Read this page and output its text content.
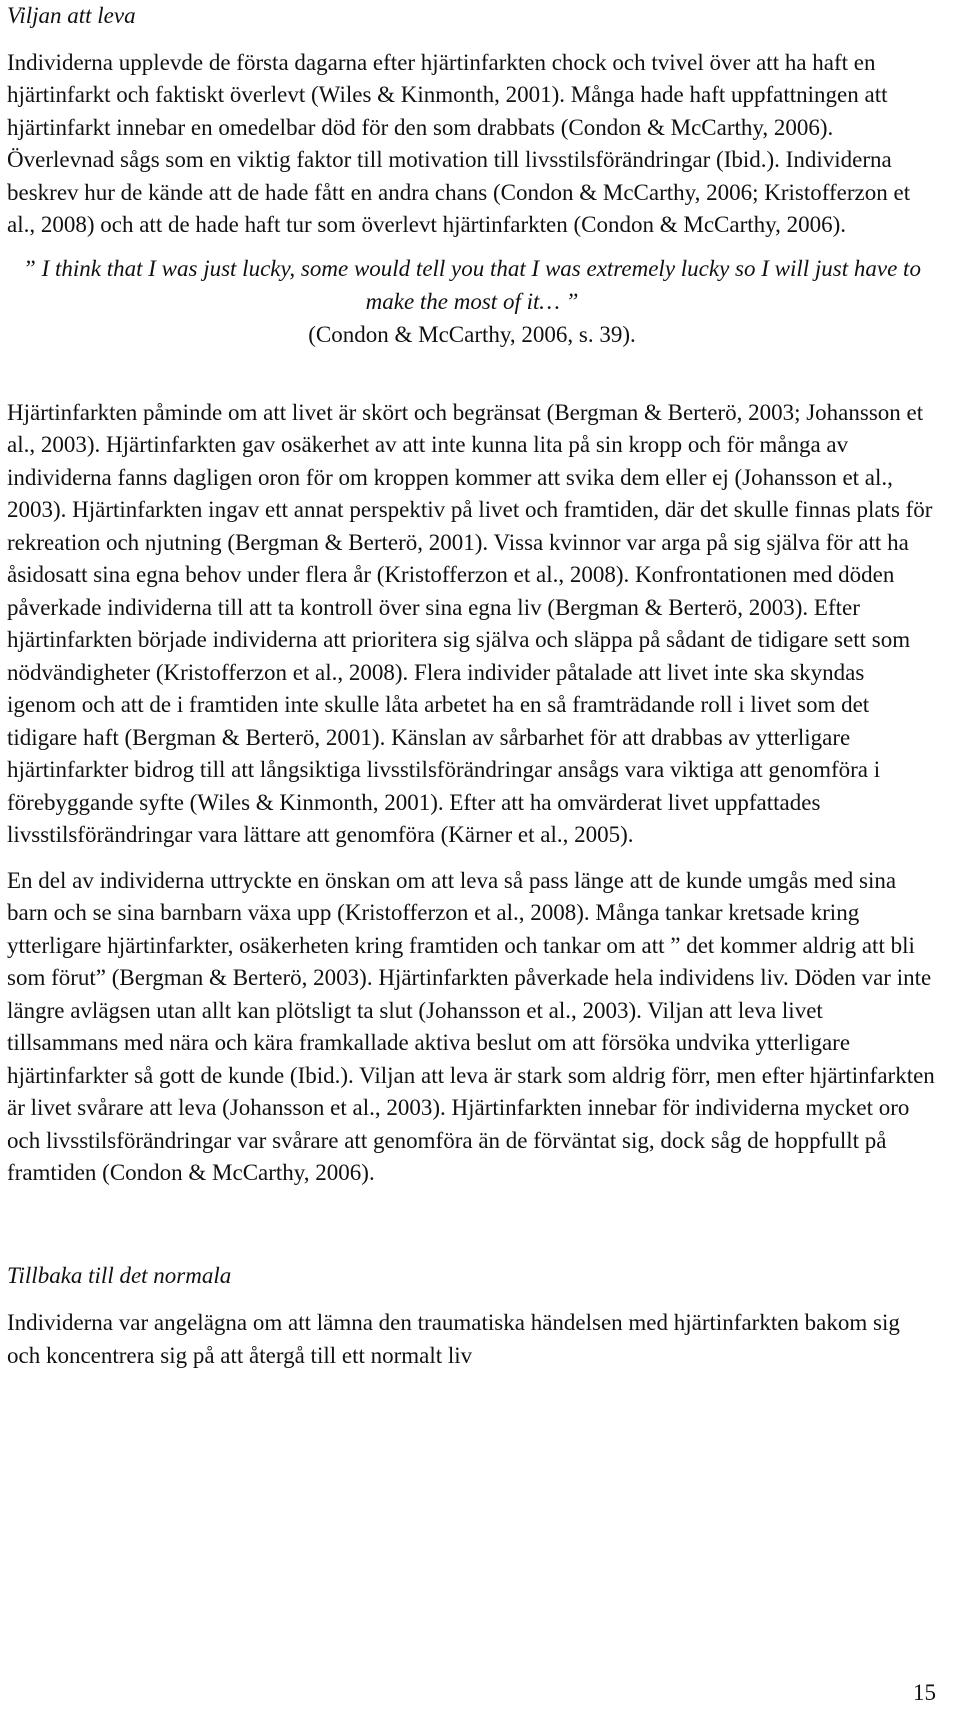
Viljan att leva

Individerna upplevde de första dagarna efter hjärtinfarkten chock och tvivel över att ha haft en hjärtinfarkt och faktiskt överlevt (Wiles & Kinmonth, 2001). Många hade haft uppfattningen att hjärtinfarkt innebar en omedelbar död för den som drabbats (Condon & McCarthy, 2006). Överlevnad sågs som en viktig faktor till motivation till livsstilsförändringar (Ibid.). Individerna beskrev hur de kände att de hade fått en andra chans (Condon & McCarthy, 2006; Kristofferzon et al., 2008) och att de hade haft tur som överlevt hjärtinfarkten (Condon & McCarthy, 2006).

” I think that I was just lucky, some would tell you that I was extremely lucky so I will just have to make the most of it… ”
(Condon & McCarthy, 2006, s. 39).

Hjärtinfarkten påminde om att livet är skört och begränsat (Bergman & Berterö, 2003; Johansson et al., 2003). Hjärtinfarkten gav osäkerhet av att inte kunna lita på sin kropp och för många av individerna fanns dagligen oron för om kroppen kommer att svika dem eller ej (Johansson et al., 2003). Hjärtinfarkten ingav ett annat perspektiv på livet och framtiden, där det skulle finnas plats för rekreation och njutning (Bergman & Berterö, 2001). Vissa kvinnor var arga på sig själva för att ha åsidosatt sina egna behov under flera år (Kristofferzon et al., 2008). Konfrontationen med döden påverkade individerna till att ta kontroll över sina egna liv (Bergman & Berterö, 2003). Efter hjärtinfarkten började individerna att prioritera sig själva och släppa på sådant de tidigare sett som nödvändigheter (Kristofferzon et al., 2008). Flera individer påtalade att livet inte ska skyndas igenom och att de i framtiden inte skulle låta arbetet ha en så framträdande roll i livet som det tidigare haft (Bergman & Berterö, 2001). Känslan av sårbarhet för att drabbas av ytterligare hjärtinfarkter bidrog till att långsiktiga livsstilsförändringar ansågs vara viktiga att genomföra i förebyggande syfte (Wiles & Kinmonth, 2001). Efter att ha omvärderat livet uppfattades livsstilsförändringar vara lättare att genomföra (Kärner et al., 2005).

En del av individerna uttryckte en önskan om att leva så pass länge att de kunde umgås med sina barn och se sina barnbarn växa upp (Kristofferzon et al., 2008). Många tankar kretsade kring ytterligare hjärtinfarkter, osäkerheten kring framtiden och tankar om att ” det kommer aldrig att bli som förut” (Bergman & Berterö, 2003). Hjärtinfarkten påverkade hela individens liv. Döden var inte längre avlägsen utan allt kan plötsligt ta slut (Johansson et al., 2003). Viljan att leva livet tillsammans med nära och kära framkallade aktiva beslut om att försöka undvika ytterligare hjärtinfarkter så gott de kunde (Ibid.). Viljan att leva är stark som aldrig förr, men efter hjärtinfarkten är livet svårare att leva (Johansson et al., 2003). Hjärtinfarkten innebar för individerna mycket oro och livsstilsförändringar var svårare att genomföra än de förväntat sig, dock såg de hoppfullt på framtiden (Condon & McCarthy, 2006).

Tillbaka till det normala

Individerna var angelägna om att lämna den traumatiska händelsen med hjärtinfarkten bakom sig och koncentrera sig på att återgå till ett normalt liv

15
